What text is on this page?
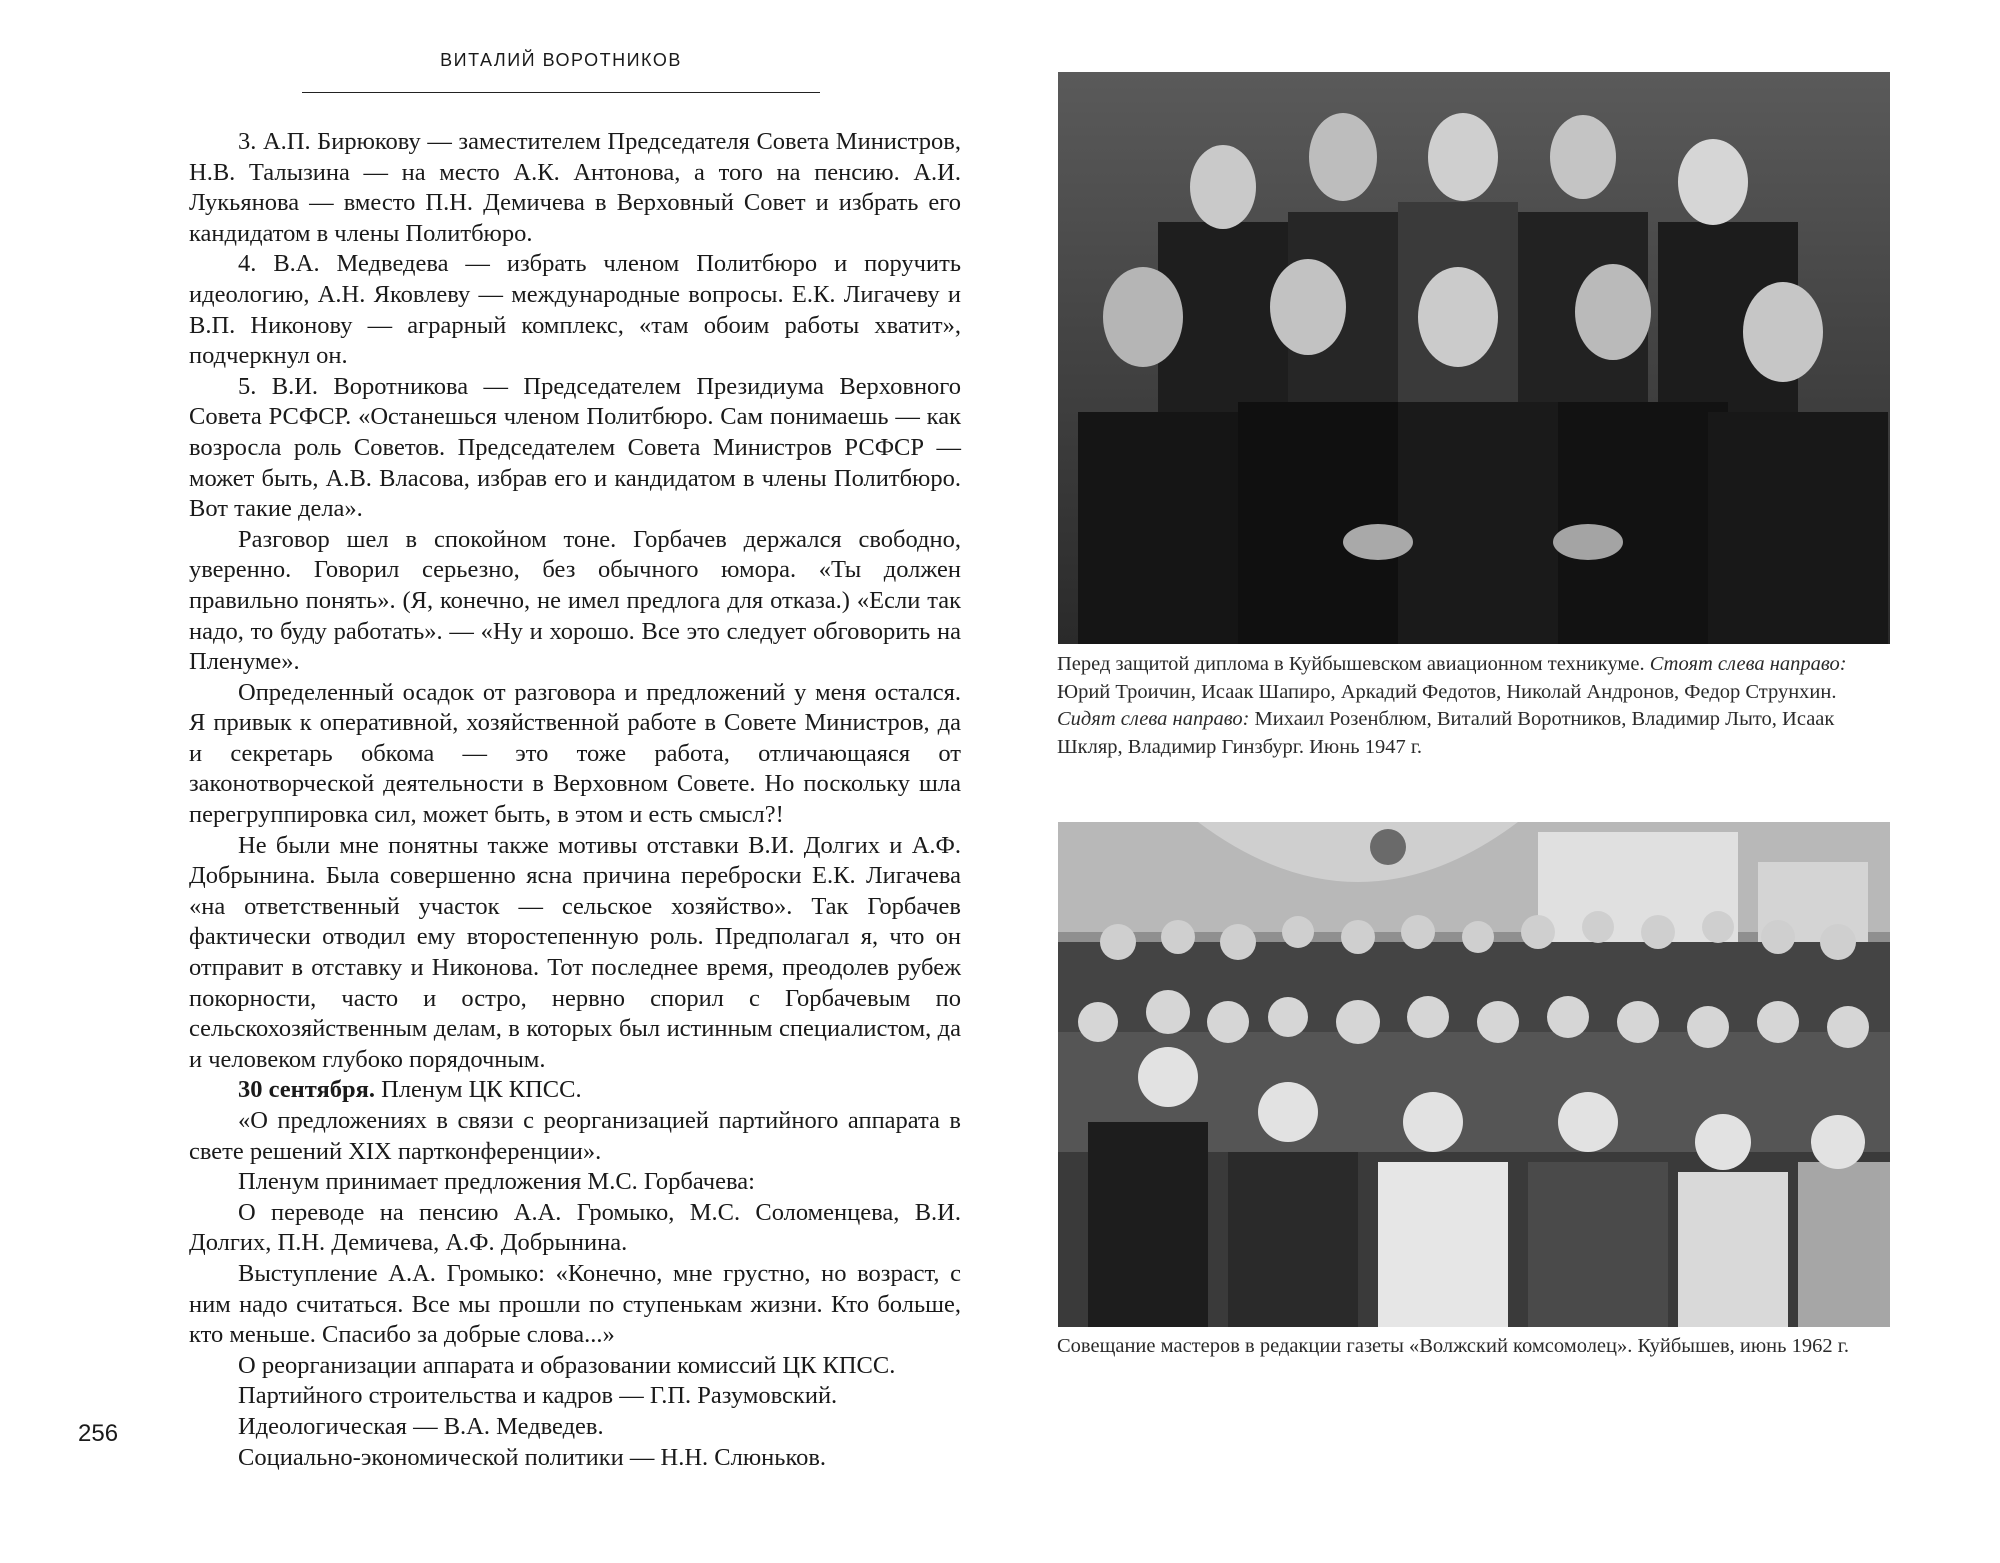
ВИТАЛИЙ ВОРОТНИКОВ

3. А.П. Бирюкову — заместителем Председателя Совета Министров, Н.В. Талызина — на место А.К. Антонова, а того на пенсию. А.И. Лукьянова — вместо П.Н. Демичева в Верховный Совет и избрать его кандидатом в члены Политбюро.

4. В.А. Медведева — избрать членом Политбюро и поручить идеологию, А.Н. Яковлеву — международные вопросы. Е.К. Лигачеву и В.П. Никонову — аграрный комплекс, «там обоим работы хватит», подчеркнул он.

5. В.И. Воротникова — Председателем Президиума Верховного Совета РСФСР. «Останешься членом Политбюро. Сам понимаешь — как возросла роль Советов. Председателем Совета Министров РСФСР — может быть, А.В. Власова, избрав его и кандидатом в члены Политбюро. Вот такие дела».

Разговор шел в спокойном тоне. Горбачев держался свободно, уверенно. Говорил серьезно, без обычного юмора. «Ты должен правильно понять». (Я, конечно, не имел предлога для отказа.) «Если так надо, то буду работать». — «Ну и хорошо. Все это следует обговорить на Пленуме».

Определенный осадок от разговора и предложений у меня остался. Я привык к оперативной, хозяйственной работе в Совете Министров, да и секретарь обкома — это тоже работа, отличающаяся от законотворческой деятельности в Верховном Совете. Но поскольку шла перегруппировка сил, может быть, в этом и есть смысл?!

Не были мне понятны также мотивы отставки В.И. Долгих и А.Ф. Добрынина. Была совершенно ясна причина переброски Е.К. Лигачева «на ответственный участок — сельское хозяйство». Так Горбачев фактически отводил ему второстепенную роль. Предполагал я, что он отправит в отставку и Никонова. Тот последнее время, преодолев рубеж покорности, часто и остро, нервно спорил с Горбачевым по сельскохозяйственным делам, в которых был истинным специалистом, да и человеком глубоко порядочным.

30 сентября. Пленум ЦК КПСС.

«О предложениях в связи с реорганизацией партийного аппарата в свете решений XIX партконференции».

Пленум принимает предложения М.С. Горбачева:

О переводе на пенсию А.А. Громыко, М.С. Соломенцева, В.И. Долгих, П.Н. Демичева, А.Ф. Добрынина.

Выступление А.А. Громыко: «Конечно, мне грустно, но возраст, с ним надо считаться. Все мы прошли по ступенькам жизни. Кто больше, кто меньше. Спасибо за добрые слова...»

О реорганизации аппарата и образовании комиссий ЦК КПСС.

Партийного строительства и кадров — Г.П. Разумовский.

Идеологическая — В.А. Медведев.

Социально-экономической политики — Н.Н. Слюньков.

256
Перед защитой диплома в Куйбышевском авиационном техникуме. Стоят слева направо: Юрий Троичин, Исаак Шапиро, Аркадий Федотов, Николай Андронов, Федор Струнхин. Сидят слева направо: Михаил Розенблюм, Виталий Воротников, Владимир Лыто, Исаак Шкляр, Владимир Гинзбург. Июнь 1947 г.
Совещание мастеров в редакции газеты «Волжский комсомолец». Куйбышев, июнь 1962 г.
